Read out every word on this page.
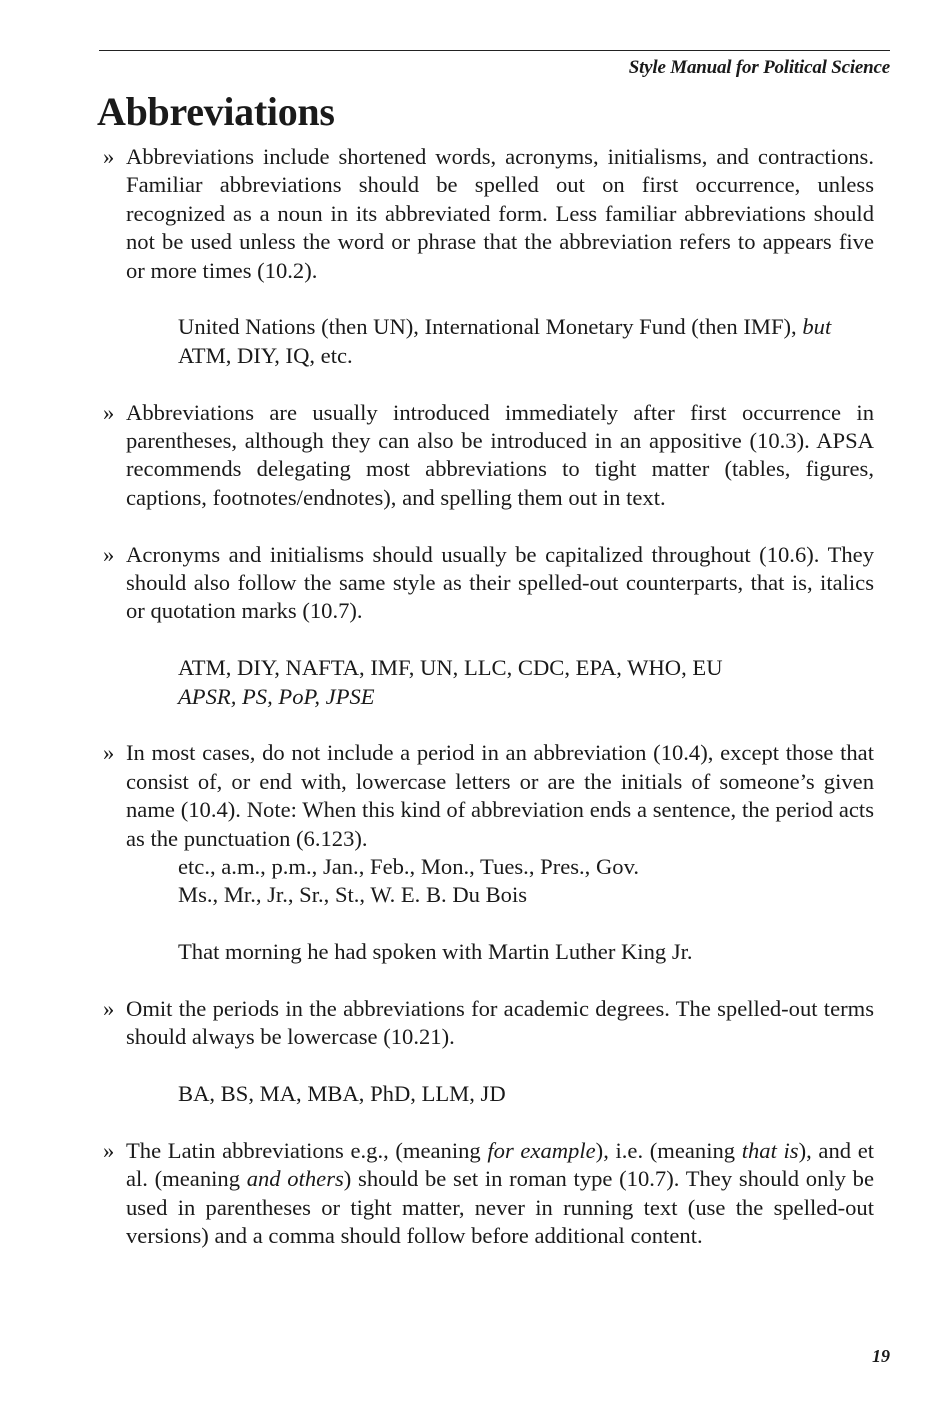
Style Manual for Political Science
Abbreviations
» Abbreviations include shortened words, acronyms, initialisms, and contractions. Familiar abbreviations should be spelled out on first occurrence, unless recognized as a noun in its abbreviated form. Less familiar abbreviations should not be used unless the word or phrase that the abbreviation refers to appears five or more times (10.2).
United Nations (then UN), International Monetary Fund (then IMF), but ATM, DIY, IQ, etc.
» Abbreviations are usually introduced immediately after first occurrence in parentheses, although they can also be introduced in an appositive (10.3). APSA recommends delegating most abbreviations to tight matter (tables, figures, captions, footnotes/endnotes), and spelling them out in text.
» Acronyms and initialisms should usually be capitalized throughout (10.6). They should also follow the same style as their spelled-out counterparts, that is, italics or quotation marks (10.7).
ATM, DIY, NAFTA, IMF, UN, LLC, CDC, EPA, WHO, EU
APSR, PS, PoP, JPSE
» In most cases, do not include a period in an abbreviation (10.4), except those that consist of, or end with, lowercase letters or are the initials of someone’s given name (10.4). Note: When this kind of abbreviation ends a sentence, the period acts as the punctuation (6.123).
etc., a.m., p.m., Jan., Feb., Mon., Tues., Pres., Gov.
Ms., Mr., Jr., Sr., St., W. E. B. Du Bois
That morning he had spoken with Martin Luther King Jr.
» Omit the periods in the abbreviations for academic degrees. The spelled-out terms should always be lowercase (10.21).
BA, BS, MA, MBA, PhD, LLM, JD
» The Latin abbreviations e.g., (meaning for example), i.e. (meaning that is), and et al. (meaning and others) should be set in roman type (10.7). They should only be used in parentheses or tight matter, never in running text (use the spelled-out versions) and a comma should follow before additional content.
19
